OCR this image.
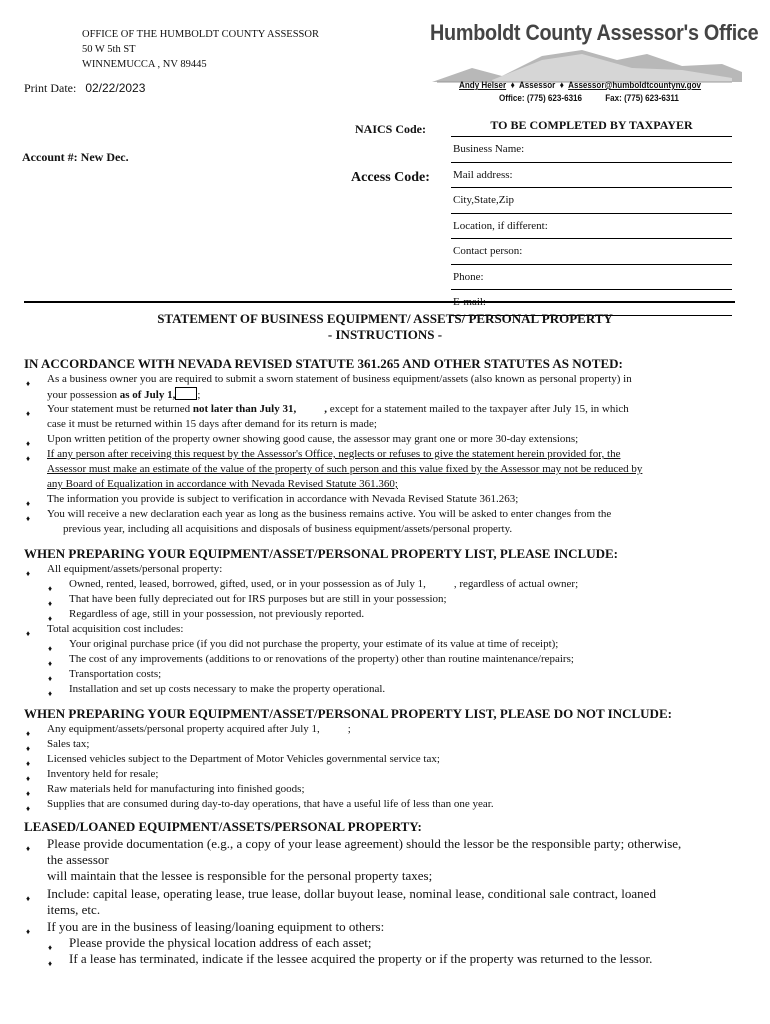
OFFICE OF THE HUMBOLDT COUNTY ASSESSOR
50 W 5th ST
WINNEMUCCA , NV 89445
Print Date: 02/22/2023
Humboldt County Assessor's Office
Andy Helser  ♦  Assessor  ♦  Assessor@humboldtcountynv.gov
Office: (775) 623-6316 Fax: (775) 623-6311
NAICS Code:
Account #: New Dec.
Access Code:
TO BE COMPLETED BY TAXPAYER
Business Name:
Mail address:
City,State,Zip
Location, if different:
Contact person:
Phone:
STATEMENT OF BUSINESS EQUIPMENT/ ASSETS/ PERSONAL PROPERTY
- INSTRUCTIONS -
IN ACCORDANCE WITH NEVADA REVISED STATUTE 361.265 AND OTHER STATUTES AS NOTED:
♦ As a business owner you are required to submit a sworn statement of business equipment/assets (also known as personal property) in
your possession as of July 1, ;
♦ Your statement must be returned not later than July 31,	, except for a statement mailed to the taxpayer after July 15, in which
case it must be returned within 15 days after demand for its return is made;
♦ Upon written petition of the property owner showing good cause, the assessor may grant one or more 30-day extensions;
♦ If any person after receiving this request by the Assessor's Office, neglects or refuses to give the statement herein provided for, the
Assessor must make an estimate of the value of the property of such person and this value fixed by the Assessor may not be reduced by
any Board of Equalization in accordance with Nevada Revised Statute 361.360;
♦ The information you provide is subject to verification in accordance with Nevada Revised Statute 361.263;
♦ You will receive a new declaration each year as long as the business remains active. You will be asked to enter changes from the
previous year, including all acquisitions and disposals of business equipment/assets/personal property.
WHEN PREPARING YOUR EQUIPMENT/ASSET/PERSONAL PROPERTY LIST, PLEASE INCLUDE:
♦ All equipment/assets/personal property:
♦ Owned, rented, leased, borrowed, gifted, used, or in your possession as of July 1,	, regardless of actual owner;
♦ That have been fully depreciated out for IRS purposes but are still in your possession;
♦ Regardless of age, still in your possession, not previously reported.
♦ Total acquisition cost includes:
♦ Your original purchase price (if you did not purchase the property, your estimate of its value at time of receipt);
♦ The cost of any improvements (additions to or renovations of the property) other than routine maintenance/repairs;
♦ Transportation costs;
♦ Installation and set up costs necessary to make the property operational.
WHEN PREPARING YOUR EQUIPMENT/ASSET/PERSONAL PROPERTY LIST, PLEASE DO NOT INCLUDE:
♦ Any equipment/assets/personal property acquired after July 1,	;
♦ Sales tax;
♦ Licensed vehicles subject to the Department of Motor Vehicles governmental service tax;
♦ Inventory held for resale;
♦ Raw materials held for manufacturing into finished goods;
♦ Supplies that are consumed during day-to-day operations, that have a useful life of less than one year.
LEASED/LOANED EQUIPMENT/ASSETS/PERSONAL PROPERTY:
♦ Please provide documentation (e.g., a copy of your lease agreement) should the lessor be the responsible party; otherwise,
the assessor
will maintain that the lessee is responsible for the personal property taxes;
♦ Include: capital lease, operating lease, true lease, dollar buyout lease, nominal lease, conditional sale contract, loaned
items, etc.
♦ If you are in the business of leasing/loaning equipment to others:
♦ Please provide the physical location address of each asset;
♦ If a lease has terminated, indicate if the lessee acquired the property or if the property was returned to the lessor.
